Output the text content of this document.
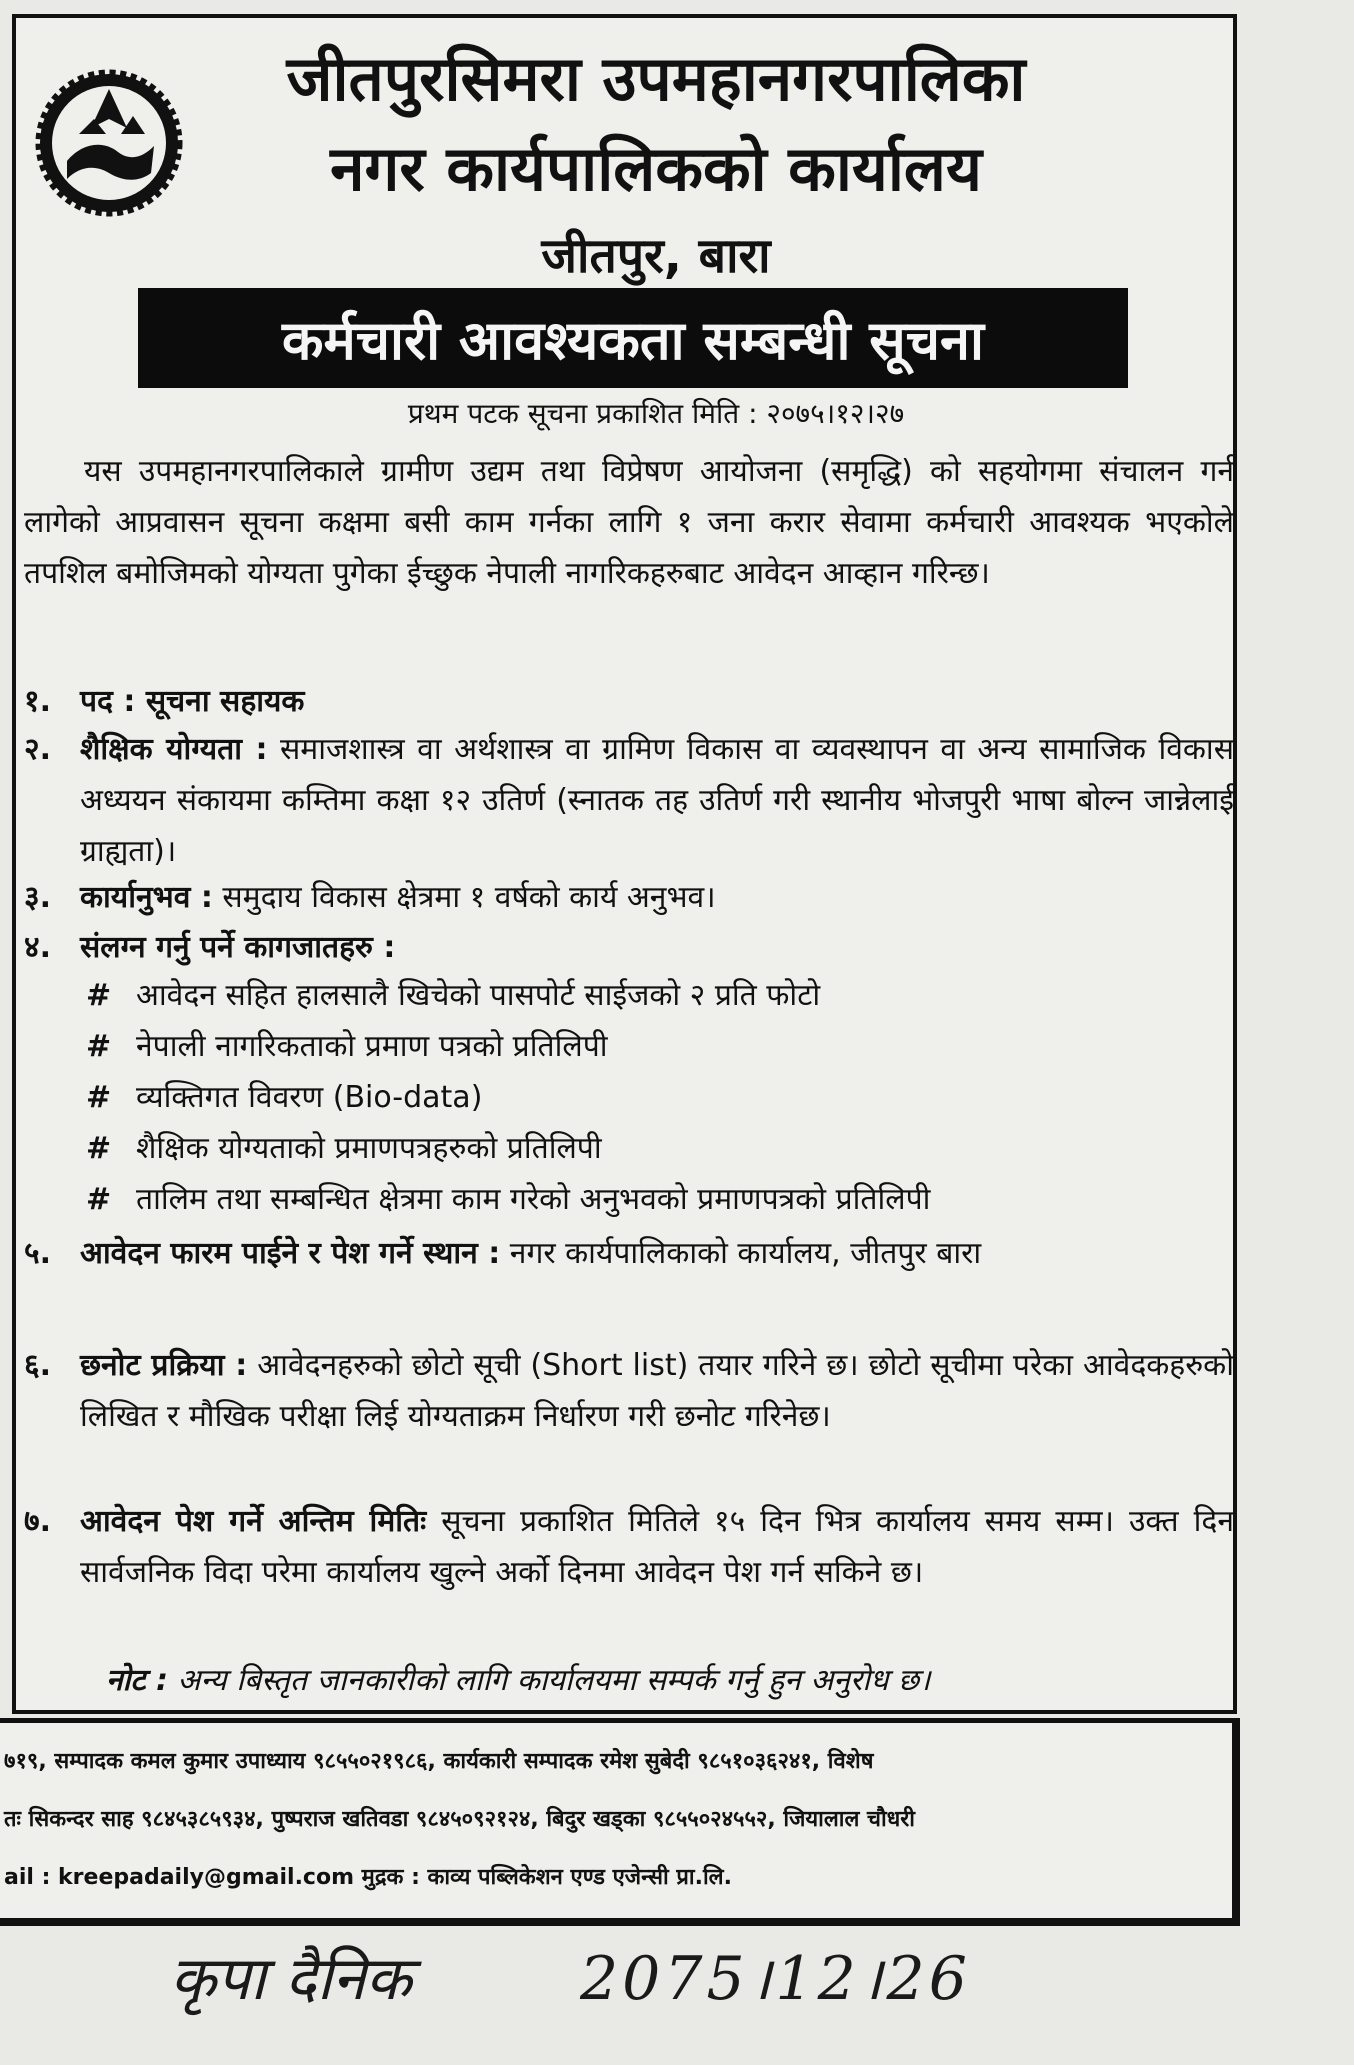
जीतपुरसिमरा उपमहानगरपालिका
नगर कार्यपालिकको कार्यालय
जीतपुर, बारा
कर्मचारी आवश्यकता सम्बन्धी सूचना
प्रथम पटक सूचना प्रकाशित मिति : २०७५।१२।२७

यस उपमहानगरपालिकाले ग्रामीण उद्यम तथा विप्रेषण आयोजना (समृद्धि) को सहयोगमा संचालन गर्न लागेको आप्रवासन सूचना कक्षमा बसी काम गर्नका लागि १ जना करार सेवामा कर्मचारी आवश्यक भएकोले तपशिल बमोजिमको योग्यता पुगेका ईच्छुक नेपाली नागरिकहरुबाट आवेदन आव्हान गरिन्छ।

१. पद : सूचना सहायक
२. शैक्षिक योग्यता : समाजशास्त्र वा अर्थशास्त्र वा ग्रामिण विकास वा व्यवस्थापन वा अन्य सामाजिक विकास अध्ययन संकायमा कम्तिमा कक्षा १२ उतिर्ण (स्नातक तह उतिर्ण गरी स्थानीय भोजपुरी भाषा बोल्न जान्नेलाई ग्राह्यता)।
३. कार्यानुभव : समुदाय विकास क्षेत्रमा १ वर्षको कार्य अनुभव।
४. संलग्न गर्नु पर्ने कागजातहरु :
# आवेदन सहित हालसालै खिचेको पासपोर्ट साईजको २ प्रति फोटो
# नेपाली नागरिकताको प्रमाण पत्रको प्रतिलिपी
# व्यक्तिगत विवरण (Bio-data)
# शैक्षिक योग्यताको प्रमाणपत्रहरुको प्रतिलिपी
# तालिम तथा सम्बन्धित क्षेत्रमा काम गरेको अनुभवको प्रमाणपत्रको प्रतिलिपी
५. आवेदन फारम पाईने र पेश गर्ने स्थान : नगर कार्यपालिकाको कार्यालय, जीतपुर बारा
६. छनोट प्रक्रिया : आवेदनहरुको छोटो सूची (Short list) तयार गरिने छ। छोटो सूचीमा परेका आवेदकहरुको लिखित र मौखिक परीक्षा लिई योग्यताक्रम निर्धारण गरी छनोट गरिनेछ।
७. आवेदन पेश गर्ने अन्तिम मितिः सूचना प्रकाशित मितिले १५ दिन भित्र कार्यालय समय सम्म। उक्त दिन सार्वजनिक विदा परेमा कार्यालय खुल्ने अर्को दिनमा आवेदन पेश गर्न सकिने छ।
नोट : अन्य बिस्तृत जानकारीको लागि कार्यालयमा सम्पर्क गर्नु हुन अनुरोध छ।
७१९, सम्पादक कमल कुमार उपाध्याय ९८५५०२१९८६, कार्यकारी सम्पादक रमेश सुबेदी ९८५१०३६२४१, विशेष
तः सिकन्दर साह ९८४५३८५९३४, पुष्पराज खतिवडा ९८४५०९२१२४, बिदुर खड्का ९८५५०२४५५२, जियालाल चौधरी
ail : kreepadaily@gmail.com मुद्रक : काव्य पब्लिकेशन एण्ड एजेन्सी प्रा.लि.
कृपा दैनिक	2075।12।26
